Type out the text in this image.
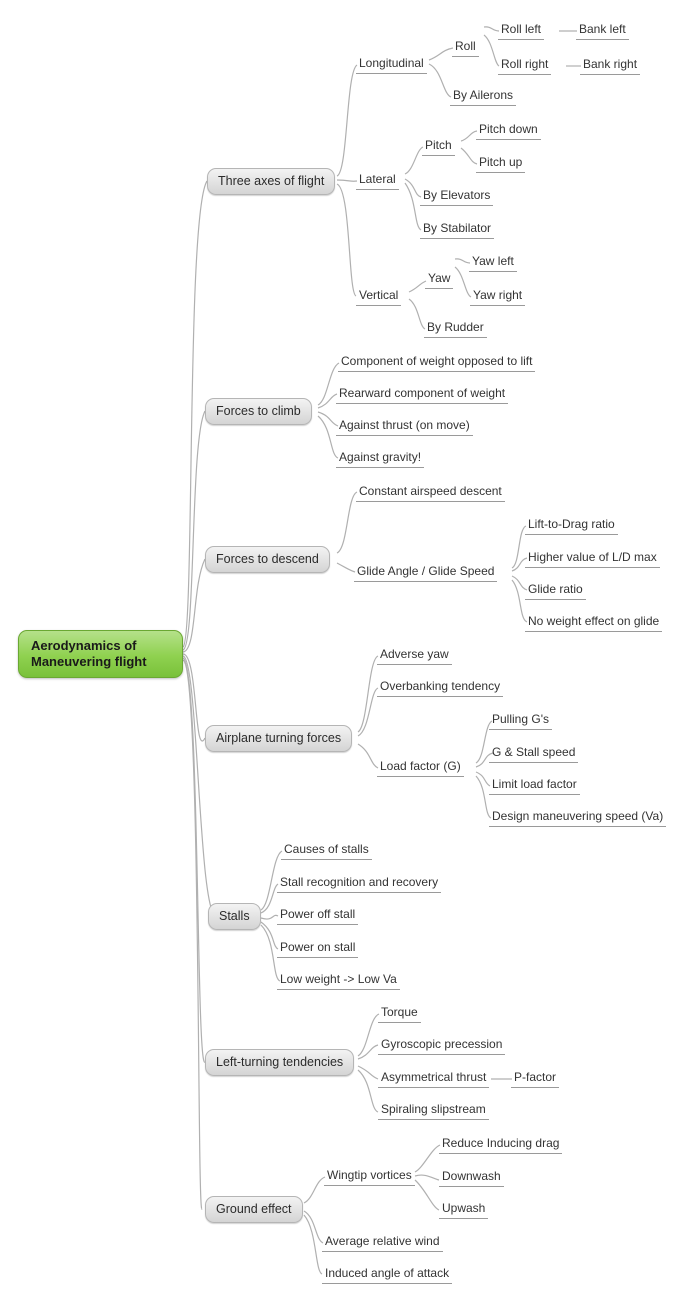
Aerodynamics of
Maneuvering flight
Three axes of flight
Forces to climb
Forces to descend
Airplane turning forces
Stalls
Left-turning tendencies
Ground effect
Longitudinal
Roll
Roll left	Bank left
Roll right	Bank right
By Ailerons
Lateral
Pitch
Pitch down
Pitch up
By Elevators
By Stabilator
Vertical
Yaw
Yaw left
Yaw right
By Rudder
Component of weight opposed to lift
Rearward component of weight
Against thrust (on move)
Against gravity!
Constant airspeed descent
Glide Angle / Glide Speed
Lift-to-Drag ratio
Higher value of L/D max
Glide ratio
No weight effect on glide
Adverse yaw
Overbanking tendency
Load factor (G)
Pulling G's
G & Stall speed
Limit load factor
Design maneuvering speed (Va)
Causes of stalls
Stall recognition and recovery
Power off stall
Power on stall
Low weight -> Low Va
Torque
Gyroscopic precession
Asymmetrical thrust P-factor
Spiraling slipstream
Wingtip vortices
Reduce Inducing drag
Downwash
Upwash
Average relative wind
Induced angle of attack
